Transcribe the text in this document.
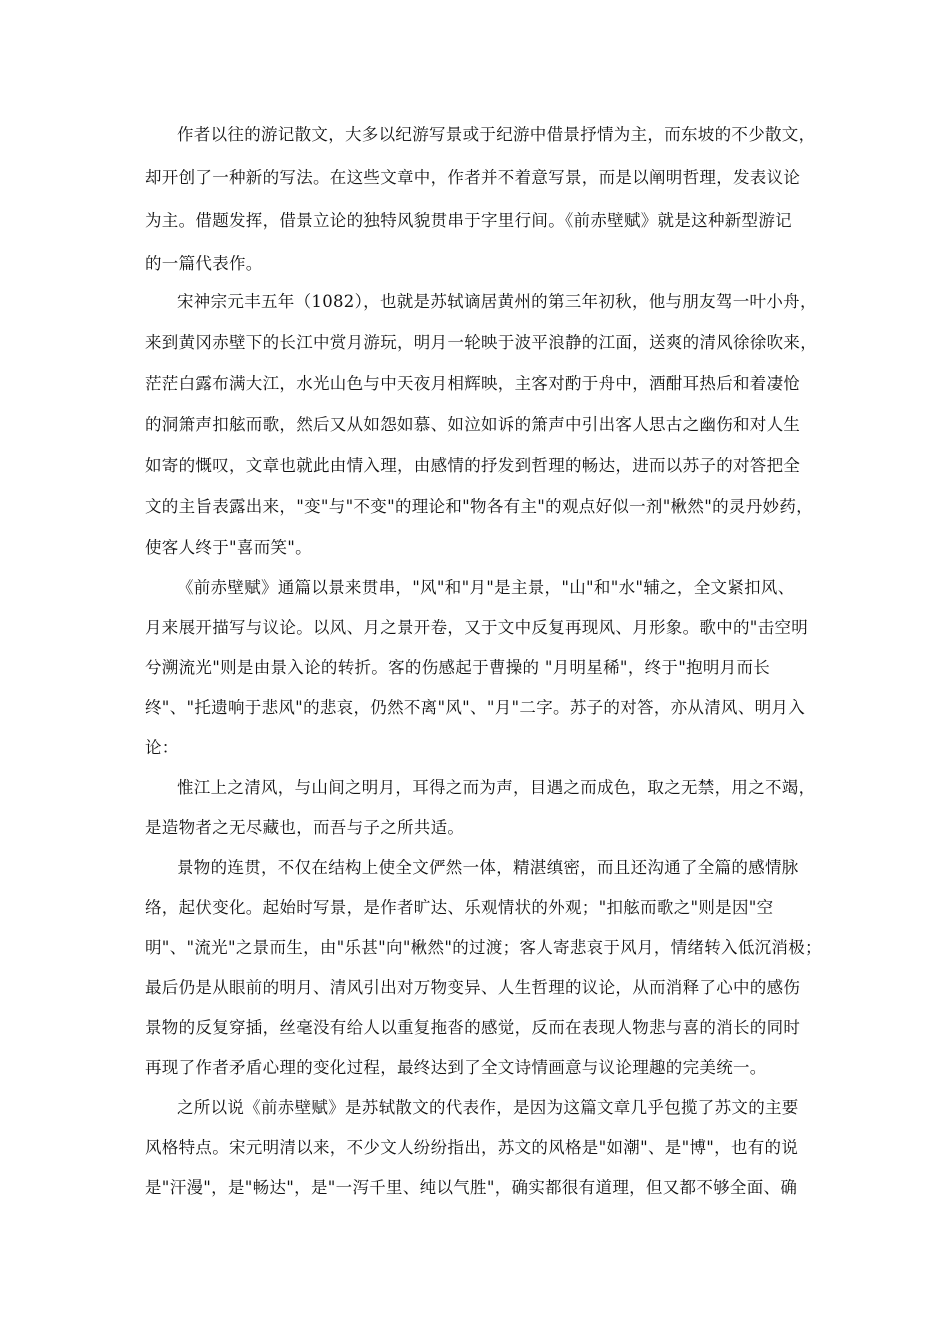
作者以往的游记散文，大多以纪游写景或于纪游中借景抒情为主，而东坡的不少散文，
却开创了一种新的写法。在这些文章中，作者并不着意写景，而是以阐明哲理，发表议论
为主。借题发挥，借景立论的独特风貌贯串于字里行间。《前赤壁赋》就是这种新型游记
的一篇代表作。
宋神宗元丰五年（1082），也就是苏轼谪居黄州的第三年初秋，他与朋友驾一叶小舟，
来到黄冈赤壁下的长江中赏月游玩，明月一轮映于波平浪静的江面，送爽的清风徐徐吹来，
茫茫白露布满大江，水光山色与中天夜月相辉映，主客对酌于舟中，酒酣耳热后和着凄怆
的洞箫声扣舷而歌，然后又从如怨如慕、如泣如诉的箫声中引出客人思古之幽伤和对人生
如寄的慨叹，文章也就此由情入理，由感情的抒发到哲理的畅达，进而以苏子的对答把全
文的主旨表露出来，"变"与"不变"的理论和"物各有主"的观点好似一剂"楸然"的灵丹妙药，
使客人终于"喜而笑"。
《前赤壁赋》通篇以景来贯串，"风"和"月"是主景，"山"和"水"辅之，全文紧扣风、
月来展开描写与议论。以风、月之景开卷，又于文中反复再现风、月形象。歌中的"击空明
兮溯流光"则是由景入论的转折。客的伤感起于曹操的 "月明星稀"，终于"抱明月而长
终"、"托遗响于悲风"的悲哀，仍然不离"风"、"月"二字。苏子的对答，亦从清风、明月入
论：
惟江上之清风，与山间之明月，耳得之而为声，目遇之而成色，取之无禁，用之不竭，
是造物者之无尽藏也，而吾与子之所共适。
景物的连贯，不仅在结构上使全文俨然一体，精湛缜密，而且还沟通了全篇的感情脉
络，起伏变化。起始时写景，是作者旷达、乐观情状的外观；"扣舷而歌之"则是因"空
明"、"流光"之景而生，由"乐甚"向"楸然"的过渡；客人寄悲哀于风月，情绪转入低沉消极；
最后仍是从眼前的明月、清风引出对万物变异、人生哲理的议论，从而消释了心中的感伤
景物的反复穿插，丝毫没有给人以重复拖沓的感觉，反而在表现人物悲与喜的消长的同时
再现了作者矛盾心理的变化过程，最终达到了全文诗情画意与议论理趣的完美统一。
之所以说《前赤壁赋》是苏轼散文的代表作，是因为这篇文章几乎包揽了苏文的主要
风格特点。宋元明清以来，不少文人纷纷指出，苏文的风格是"如潮"、是"博"，也有的说
是"汗漫"，是"畅达"，是"一泻千里、纯以气胜"，确实都很有道理，但又都不够全面、确
